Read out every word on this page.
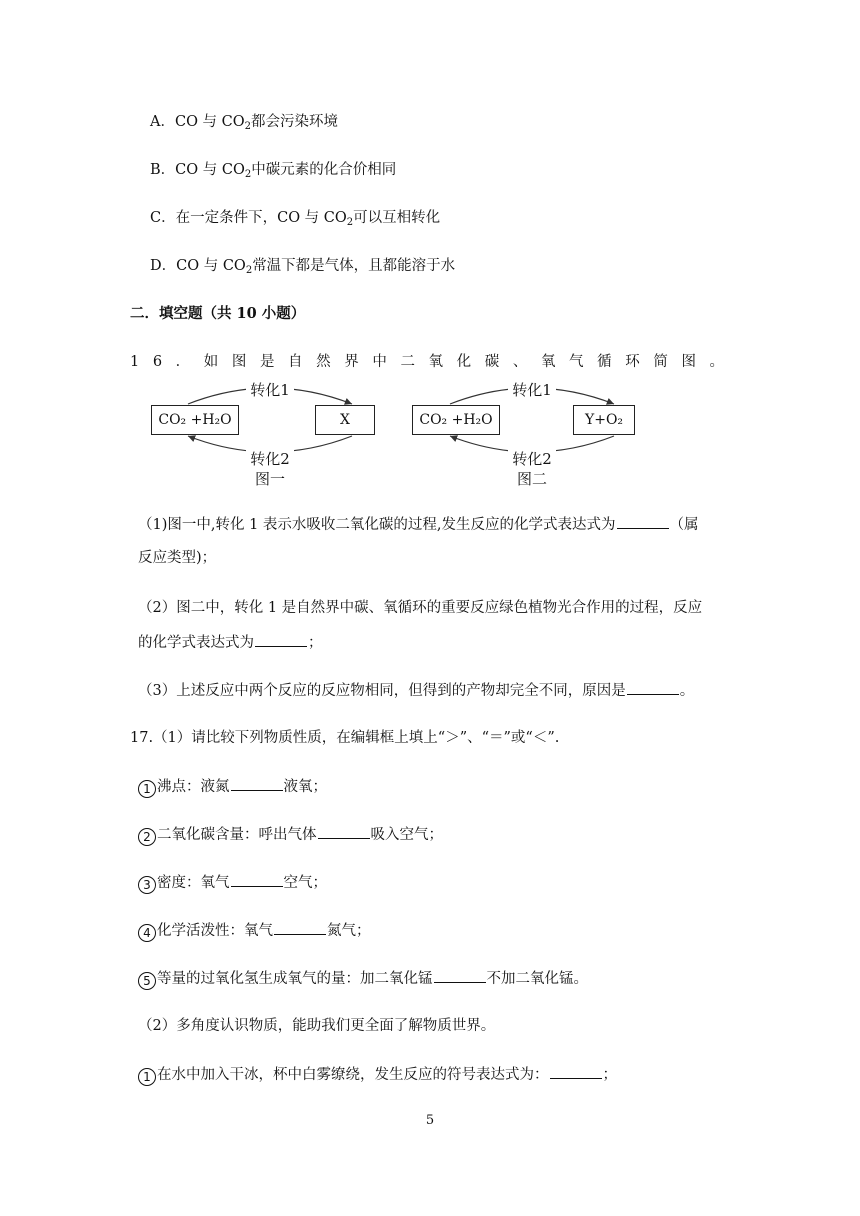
A．CO 与 $CO_2$都会污染环境
B．CO 与 $CO_2$中碳元素的化合价相同
C．在一定条件下，CO 与 $CO_2$可以互相转化
D．CO 与 $CO_2$常温下都是气体，且都能溶于水
二．填空题（共 10 小题）
16．如图是自然界中二氧化碳、氧气循环简图。
CO₂ +H₂O	X
转化1
转化2
图一
CO₂ +H₂O	Y+O₂
转化1
转化2
图二
（1)图一中,转化 1 表示水吸收二氧化碳的过程,发生反应的化学式表达式为	（属
反应类型)；
（2）图二中，转化 1 是自然界中碳、氧循环的重要反应绿色植物光合作用的过程，反应
的化学式表达式为	；
（3）上述反应中两个反应的反应物相同，但得到的产物却完全不同，原因是	。
17.（1）请比较下列物质性质，在编辑框上填上“＞”、“＝”或“＜”.
1 沸点：液氮	液氧；
2 二氧化碳含量：呼出气体	吸入空气；
3 密度：氧气	空气；
4 化学活泼性：氧气	氮气；
5 等量的过氧化氢生成氧气的量：加二氧化锰	不加二氧化锰。
（2）多角度认识物质，能助我们更全面了解物质世界。
1 在水中加入干冰，杯中白雾缭绕，发生反应的符号表达式为：	；
5
